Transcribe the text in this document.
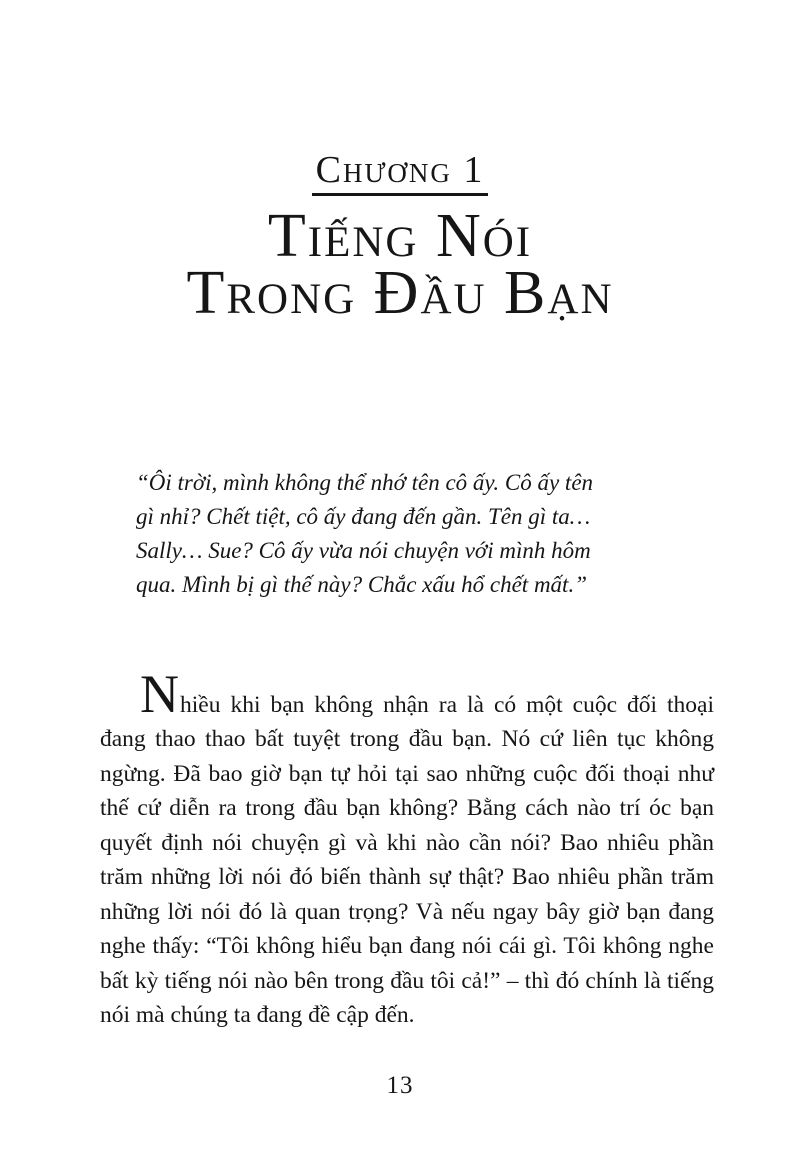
Chương 1
Tiếng Nói
Trong Đầu Bạn
“Ôi trời, mình không thể nhớ tên cô ấy. Cô ấy tên gì nhỉ? Chết tiệt, cô ấy đang đến gần. Tên gì ta… Sally… Sue? Cô ấy vừa nói chuyện với mình hôm qua. Mình bị gì thế này? Chắc xấu hổ chết mất.”

Nhiều khi bạn không nhận ra là có một cuộc đối thoại đang thao thao bất tuyệt trong đầu bạn. Nó cứ liên tục không ngừng. Đã bao giờ bạn tự hỏi tại sao những cuộc đối thoại như thế cứ diễn ra trong đầu bạn không? Bằng cách nào trí óc bạn quyết định nói chuyện gì và khi nào cần nói? Bao nhiêu phần trăm những lời nói đó biến thành sự thật? Bao nhiêu phần trăm những lời nói đó là quan trọng? Và nếu ngay bây giờ bạn đang nghe thấy: “Tôi không hiểu bạn đang nói cái gì. Tôi không nghe bất kỳ tiếng nói nào bên trong đầu tôi cả!” – thì đó chính là tiếng nói mà chúng ta đang đề cập đến.

13
